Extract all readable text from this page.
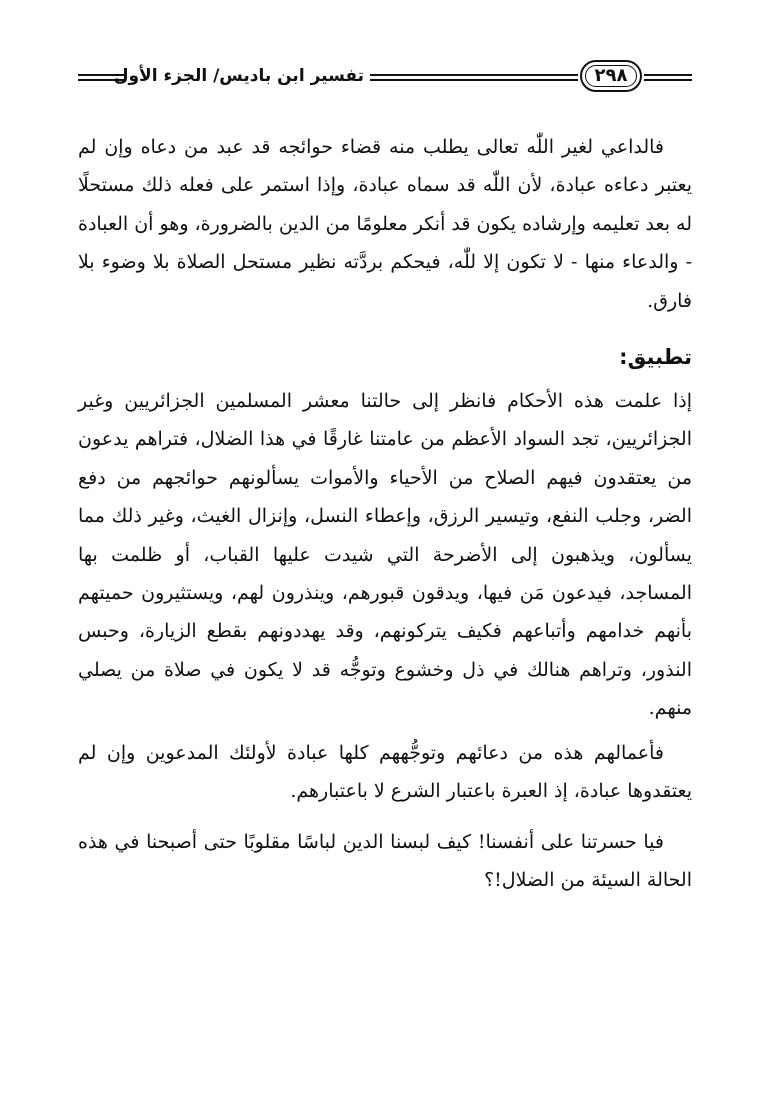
تفسير ابن باديس/ الجزء الأول	٢٩٨

فالداعي لغير اللّٰه تعالى يطلب منه قضاء حوائجه قد عبد من دعاه وإن لم يعتبر دعاءه عبادة، لأن اللّٰه قد سماه عبادة، وإذا استمر على فعله ذلك مستحلًا له بعد تعليمه وإرشاده يكون قد أنكر معلومًا من الدين بالضرورة، وهو أن العبادة - والدعاء منها - لا تكون إلا للّٰه، فيحكم بردَّته نظير مستحل الصلاة بلا وضوء بلا فارق.

تطبيق:

إذا علمت هذه الأحكام فانظر إلى حالتنا معشر المسلمين الجزائريين وغير الجزائريين، تجد السواد الأعظم من عامتنا غارقًا في هذا الضلال، فتراهم يدعون من يعتقدون فيهم الصلاح من الأحياء والأموات يسألونهم حوائجهم من دفع الضر، وجلب النفع، وتيسير الرزق، وإعطاء النسل، وإنزال الغيث، وغير ذلك مما يسألون، ويذهبون إلى الأضرحة التي شيدت عليها القباب، أو ظلمت بها المساجد، فيدعون مَن فيها، ويدقون قبورهم، وينذرون لهم، ويستثيرون حميتهم بأنهم خدامهم وأتباعهم فكيف يتركونهم، وقد يهددونهم بقطع الزيارة، وحبس النذور، وتراهم هنالك في ذل وخشوع وتوجُّه قد لا يكون في صلاة من يصلي منهم.

فأعمالهم هذه من دعائهم وتوجُّههم كلها عبادة لأولئك المدعوين وإن لم يعتقدوها عبادة، إذ العبرة باعتبار الشرع لا باعتبارهم.

فيا حسرتنا على أنفسنا! كيف لبسنا الدين لباسًا مقلوبًا حتى أصبحنا في هذه الحالة السيئة من الضلال!؟
